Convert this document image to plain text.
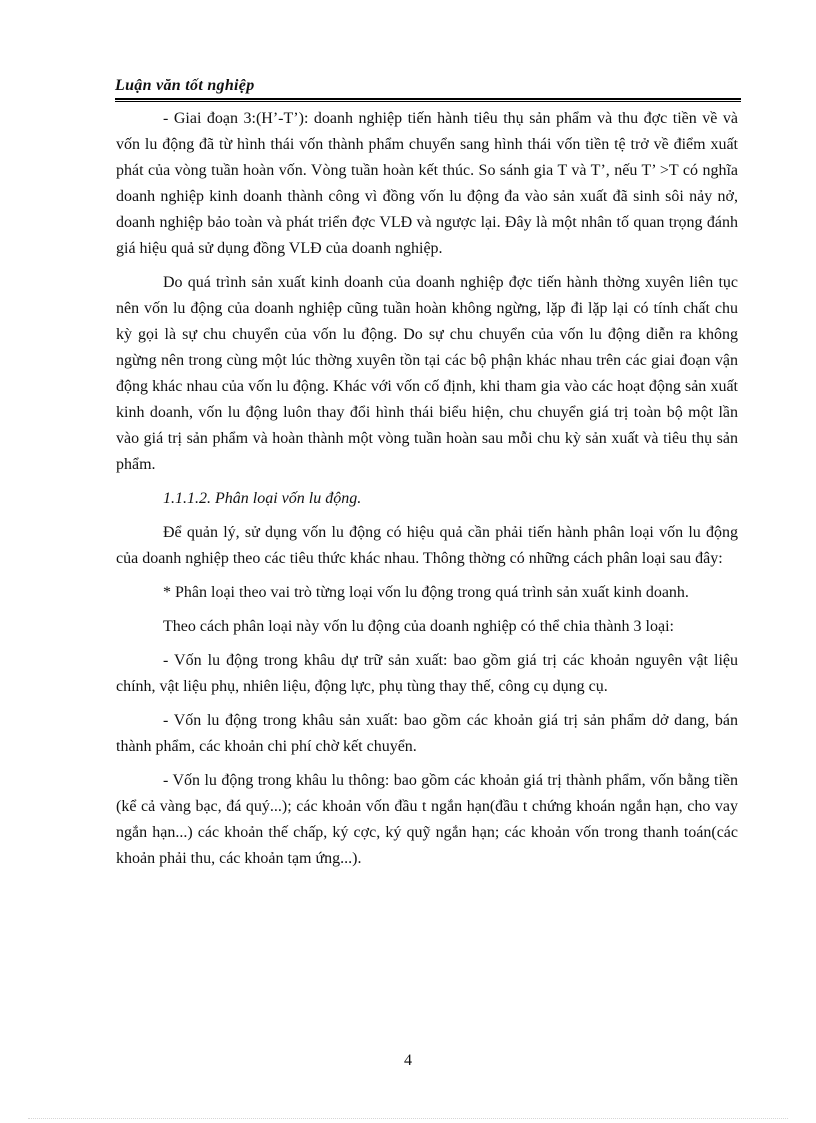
Luận văn tốt nghiệp

- Giai đoạn 3:(H’-T’): doanh nghiệp tiến hành tiêu thụ sản phẩm và thu đợc tiền về và vốn lu động đã từ hình thái vốn thành phẩm chuyển sang hình thái vốn tiền tệ trở về điểm xuất phát của vòng tuần hoàn vốn. Vòng tuần hoàn kết thúc. So sánh gia T và T’, nếu T’ >T có nghĩa doanh nghiệp kinh doanh thành công vì đồng vốn lu động đa vào sản xuất đã sinh sôi nảy nở, doanh nghiệp bảo toàn và phát triển đợc VLĐ và ngược lại. Đây là một nhân tố quan trọng đánh giá hiệu quả sử dụng đồng VLĐ của doanh nghiệp.

Do quá trình sản xuất kinh doanh của doanh nghiệp đợc tiến hành thờng xuyên liên tục nên vốn lu động của doanh nghiệp cũng tuần hoàn không ngừng, lặp đi lặp lại có tính chất chu kỳ gọi là sự chu chuyển của vốn lu động. Do sự chu chuyển của vốn lu động diễn ra không ngừng nên trong cùng một lúc thờng xuyên tồn tại các bộ phận khác nhau trên các giai đoạn vận động khác nhau của vốn lu động. Khác với vốn cố định, khi tham gia vào các hoạt động sản xuất kinh doanh, vốn lu động luôn thay đổi hình thái biểu hiện, chu chuyển giá trị toàn bộ một lần vào giá trị sản phẩm và hoàn thành một vòng tuần hoàn sau mỗi chu kỳ sản xuất và tiêu thụ sản phẩm.

1.1.1.2. Phân loại vốn lu động.

Để quản lý, sử dụng vốn lu động có hiệu quả cần phải tiến hành phân loại vốn lu động của doanh nghiệp theo các tiêu thức khác nhau. Thông thờng có những cách phân loại sau đây:

* Phân loại theo vai trò từng loại vốn lu động trong quá trình sản xuất kinh doanh.

Theo cách phân loại này vốn lu động của doanh nghiệp có thể chia thành 3 loại:

- Vốn lu động trong khâu dự trữ sản xuất: bao gồm giá trị các khoản nguyên vật liệu chính, vật liệu phụ, nhiên liệu, động lực, phụ tùng thay thế, công cụ dụng cụ.

- Vốn lu động trong khâu sản xuất: bao gồm các khoản giá trị sản phẩm dở dang, bán thành phẩm, các khoản chi phí chờ kết chuyển.

- Vốn lu động trong khâu lu thông: bao gồm các khoản giá trị thành phẩm, vốn bằng tiền (kể cả vàng bạc, đá quý...); các khoản vốn đầu t ngắn hạn(đầu t chứng khoán ngắn hạn, cho vay ngắn hạn...) các khoản thế chấp, ký cợc, ký quỹ ngắn hạn; các khoản vốn trong thanh toán(các khoản phải thu, các khoản tạm ứng...).

4
